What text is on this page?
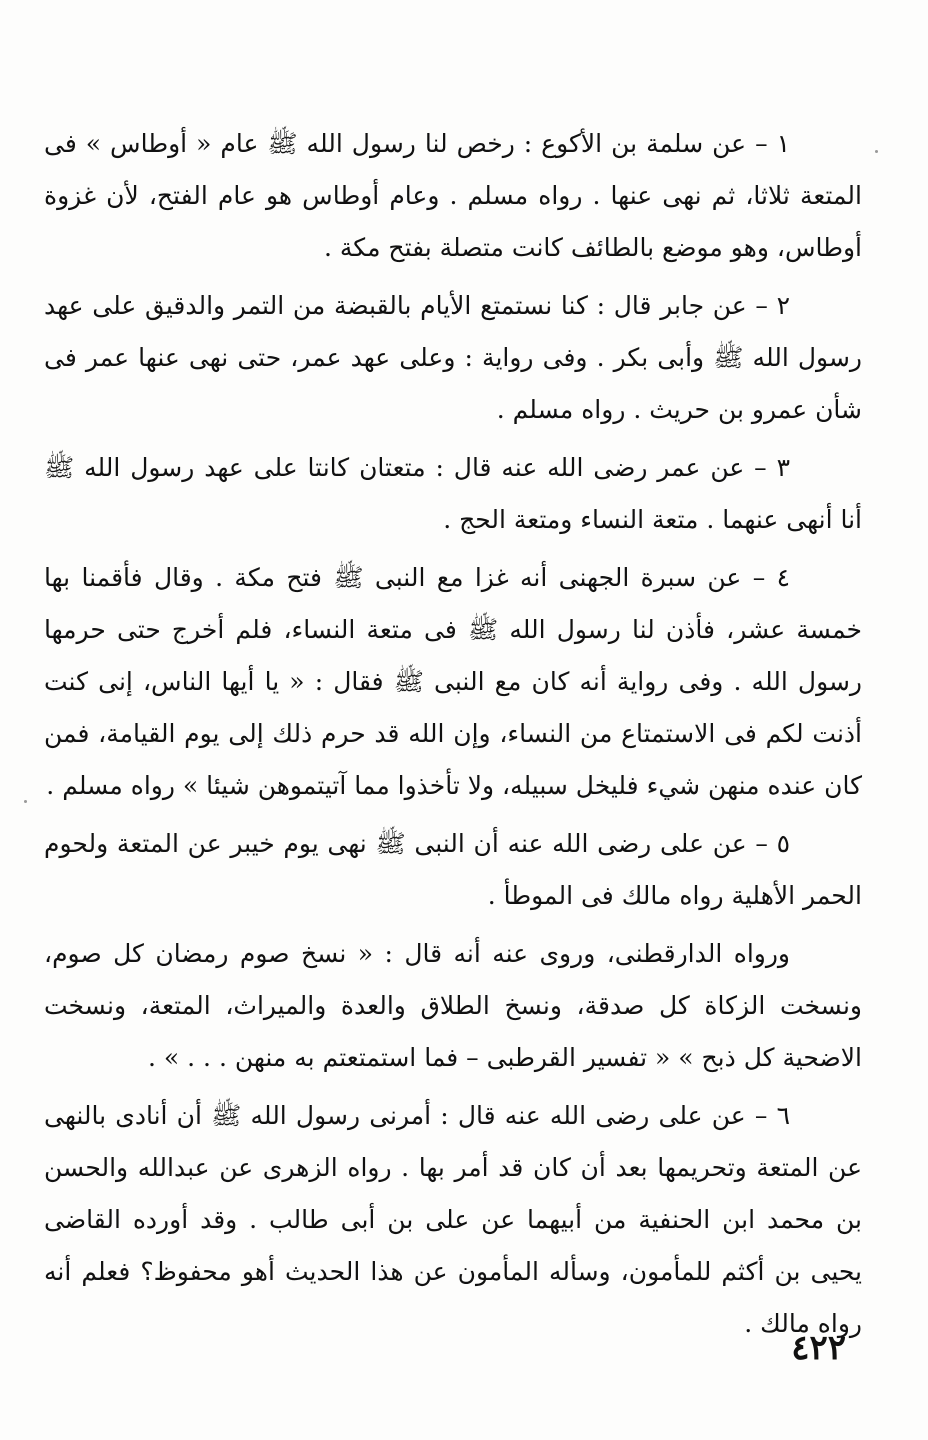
١ – عن سلمة بن الأكوع : رخص لنا رسول الله ﷺ عام « أوطاس » فى المتعة ثلاثا، ثم نهى عنها . رواه مسلم . وعام أوطاس هو عام الفتح، لأن غزوة أوطاس، وهو موضع بالطائف كانت متصلة بفتح مكة .

٢ – عن جابر قال : كنا نستمتع الأيام بالقبضة من التمر والدقيق على عهد رسول الله ﷺ وأبى بكر . وفى رواية : وعلى عهد عمر، حتى نهى عنها عمر فى شأن عمرو بن حريث . رواه مسلم .

٣ – عن عمر رضى الله عنه قال : متعتان كانتا على عهد رسول الله ﷺ أنا أنهى عنهما . متعة النساء ومتعة الحج .

٤ – عن سبرة الجهنى أنه غزا مع النبى ﷺ فتح مكة . وقال فأقمنا بها خمسة عشر، فأذن لنا رسول الله ﷺ فى متعة النساء، فلم أخرج حتى حرمها رسول الله . وفى رواية أنه كان مع النبى ﷺ فقال : « يا أيها الناس، إنى كنت أذنت لكم فى الاستمتاع من النساء، وإن الله قد حرم ذلك إلى يوم القيامة، فمن كان عنده منهن شيء فليخل سبيله، ولا تأخذوا مما آتيتموهن شيئا » رواه مسلم .

٥ – عن على رضى الله عنه أن النبى ﷺ نهى يوم خيبر عن المتعة ولحوم الحمر الأهلية رواه مالك فى الموطأ .

ورواه الدارقطنى، وروى عنه أنه قال : « نسخ صوم رمضان كل صوم، ونسخت الزكاة كل صدقة، ونسخ الطلاق والعدة والميراث، المتعة، ونسخت الاضحية كل ذبح » « تفسير القرطبى – فما استمتعتم به منهن . . . » .

٦ – عن على رضى الله عنه قال : أمرنى رسول الله ﷺ أن أنادى بالنهى عن المتعة وتحريمها بعد أن كان قد أمر بها . رواه الزهرى عن عبدالله والحسن بن محمد ابن الحنفية من أبيهما عن على بن أبى طالب . وقد أورده القاضى يحيى بن أكثم للمأمون، وسأله المأمون عن هذا الحديث أهو محفوظ؟ فعلم أنه رواه مالك .

٤٢٢
